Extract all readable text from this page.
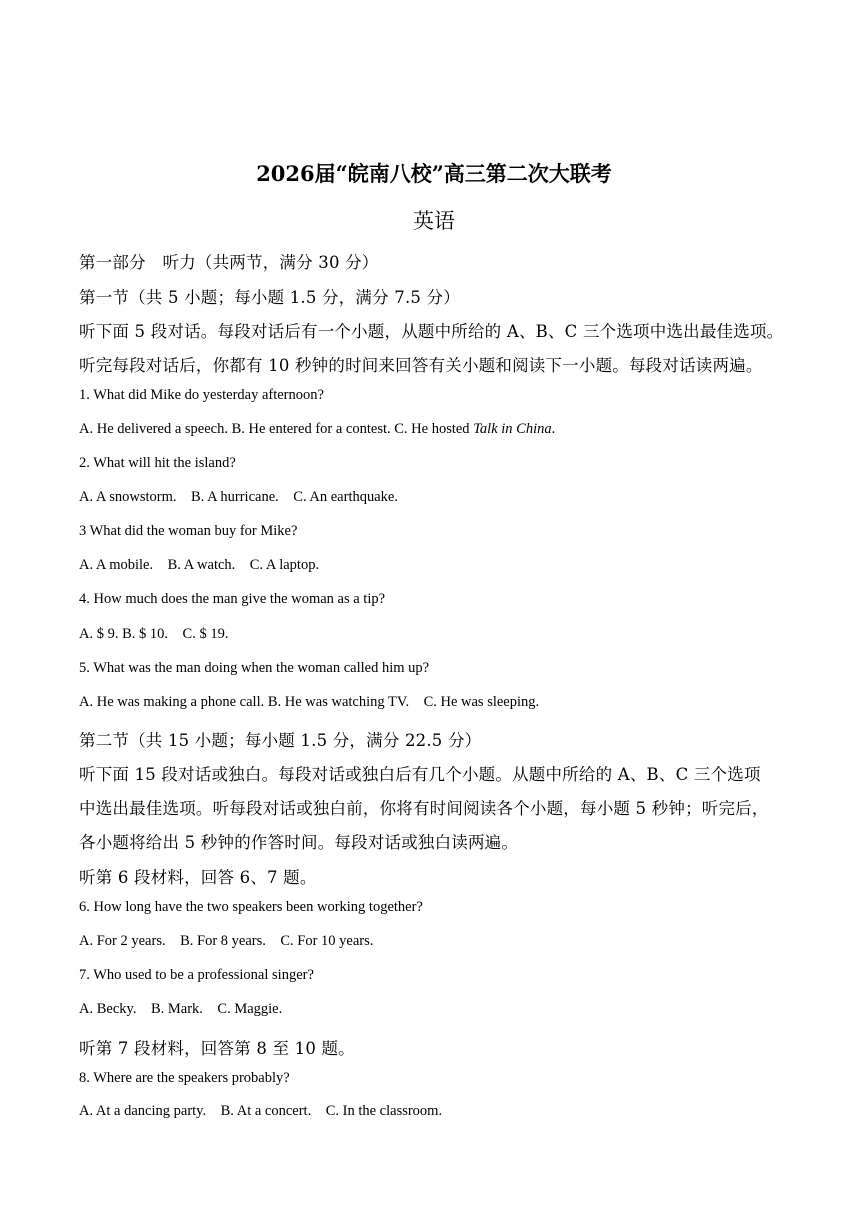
2026届“皖南八校”高三第二次大联考
英语
第一部分　听力（共两节，满分 30 分）
第一节（共 5 小题；每小题 1.5 分，满分 7.5 分）
听下面 5 段对话。每段对话后有一个小题，从题中所给的 A、B、C 三个选项中选出最佳选项。
听完每段对话后，你都有 10 秒钟的时间来回答有关小题和阅读下一小题。每段对话读两遍。
1. What did Mike do yesterday afternoon?
A. He delivered a speech. B. He entered for a contest. C. He hosted Talk in China.
2. What will hit the island?
A. A snowstorm.    B. A hurricane.    C. An earthquake.
3 What did the woman buy for Mike?
A. A mobile.    B. A watch.    C. A laptop.
4. How much does the man give the woman as a tip?
A. $ 9. B. $ 10.    C. $ 19.
5. What was the man doing when the woman called him up?
A. He was making a phone call. B. He was watching TV.    C. He was sleeping.
第二节（共 15 小题；每小题 1.5 分，满分 22.5 分）
听下面 15 段对话或独白。每段对话或独白后有几个小题。从题中所给的 A、B、C 三个选项
中选出最佳选项。听每段对话或独白前，你将有时间阅读各个小题，每小题 5 秒钟；听完后，
各小题将给出 5 秒钟的作答时间。每段对话或独白读两遍。
听第 6 段材料，回答 6、7 题。
6. How long have the two speakers been working together?
A. For 2 years.    B. For 8 years.    C. For 10 years.
7. Who used to be a professional singer?
A. Becky.    B. Mark.    C. Maggie.
听第 7 段材料，回答第 8 至 10 题。
8. Where are the speakers probably?
A. At a dancing party.    B. At a concert.    C. In the classroom.
